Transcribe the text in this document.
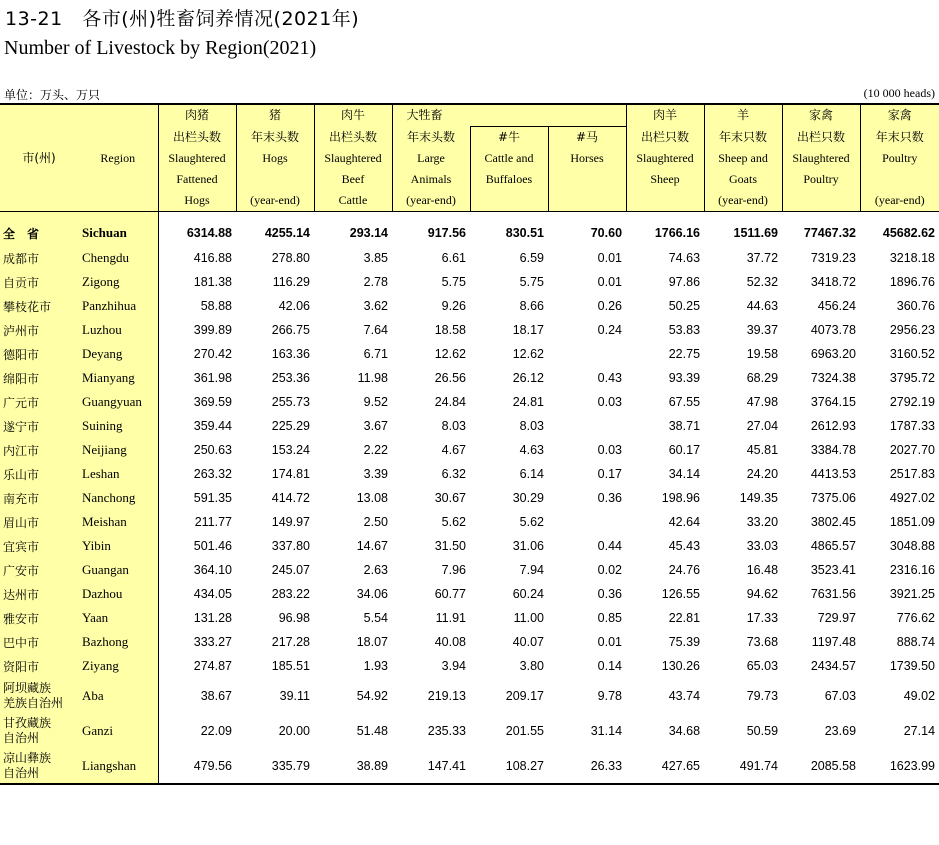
13-21　各市(州)牲畜饲养情况(2021年)
Number of Livestock by Region(2021)
单位：万头、万只	(10 000 heads)
市(州)	Region	肉猪	猪	肉牛	大牲畜			肉羊	羊	家禽	家禽
		出栏头数	年末头数	出栏头数	年末头数	#牛	#马	出栏只数	年末只数	出栏只数	年末只数
		Slaughtered	Hogs	Slaughtered	Large	Cattle and	Horses	Slaughtered	Sheep and	Slaughtered	Poultry
		Fattened		Beef	Animals	Buffaloes		Sheep	Goats	Poultry	
		Hogs	(year-end)	Cattle	(year-end)				(year-end)		(year-end)
全　省	Sichuan	6314.88	4255.14	293.14	917.56	830.51	70.60	1766.16	1511.69	77467.32	45682.62
成都市	Chengdu	416.88	278.80	3.85	6.61	6.59	0.01	74.63	37.72	7319.23	3218.18
自贡市	Zigong	181.38	116.29	2.78	5.75	5.75	0.01	97.86	52.32	3418.72	1896.76
攀枝花市	Panzhihua	58.88	42.06	3.62	9.26	8.66	0.26	50.25	44.63	456.24	360.76
泸州市	Luzhou	399.89	266.75	7.64	18.58	18.17	0.24	53.83	39.37	4073.78	2956.23
德阳市	Deyang	270.42	163.36	6.71	12.62	12.62		22.75	19.58	6963.20	3160.52
绵阳市	Mianyang	361.98	253.36	11.98	26.56	26.12	0.43	93.39	68.29	7324.38	3795.72
广元市	Guangyuan	369.59	255.73	9.52	24.84	24.81	0.03	67.55	47.98	3764.15	2792.19
遂宁市	Suining	359.44	225.29	3.67	8.03	8.03		38.71	27.04	2612.93	1787.33
内江市	Neijiang	250.63	153.24	2.22	4.67	4.63	0.03	60.17	45.81	3384.78	2027.70
乐山市	Leshan	263.32	174.81	3.39	6.32	6.14	0.17	34.14	24.20	4413.53	2517.83
南充市	Nanchong	591.35	414.72	13.08	30.67	30.29	0.36	198.96	149.35	7375.06	4927.02
眉山市	Meishan	211.77	149.97	2.50	5.62	5.62		42.64	33.20	3802.45	1851.09
宜宾市	Yibin	501.46	337.80	14.67	31.50	31.06	0.44	45.43	33.03	4865.57	3048.88
广安市	Guangan	364.10	245.07	2.63	7.96	7.94	0.02	24.76	16.48	3523.41	2316.16
达州市	Dazhou	434.05	283.22	34.06	60.77	60.24	0.36	126.55	94.62	7631.56	3921.25
雅安市	Yaan	131.28	96.98	5.54	11.91	11.00	0.85	22.81	17.33	729.97	776.62
巴中市	Bazhong	333.27	217.28	18.07	40.08	40.07	0.01	75.39	73.68	1197.48	888.74
资阳市	Ziyang	274.87	185.51	1.93	3.94	3.80	0.14	130.26	65.03	2434.57	1739.50

阿坝藏族
羌族自治州	Aba	38.67	39.11	54.92	219.13	209.17	9.78	43.74	79.73	67.03	49.02

甘孜藏族
自治州	Ganzi	22.09	20.00	51.48	235.33	201.55	31.14	34.68	50.59	23.69	27.14

凉山彝族
自治州	Liangshan	479.56	335.79	38.89	147.41	108.27	26.33	427.65	491.74	2085.58	1623.99
